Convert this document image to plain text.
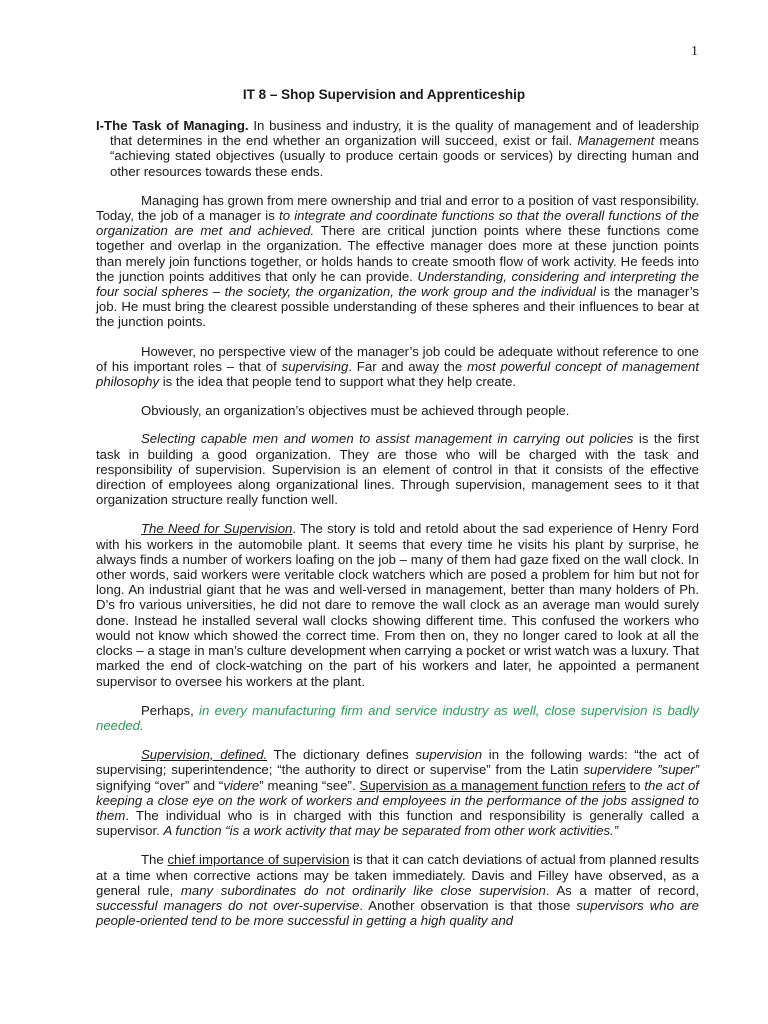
1
IT 8 – Shop Supervision and Apprenticeship

I-The Task of Managing. In business and industry, it is the quality of management and of leadership that determines in the end whether an organization will succeed, exist or fail. Management means “achieving stated objectives (usually to produce certain goods or services) by directing human and other resources towards these ends.

Managing has grown from mere ownership and trial and error to a position of vast responsibility. Today, the job of a manager is to integrate and coordinate functions so that the overall functions of the organization are met and achieved. There are critical junction points where these functions come together and overlap in the organization. The effective manager does more at these junction points than merely join functions together, or holds hands to create smooth flow of work activity. He feeds into the junction points additives that only he can provide. Understanding, considering and interpreting the four social spheres – the society, the organization, the work group and the individual is the manager’s job. He must bring the clearest possible understanding of these spheres and their influences to bear at the junction points.

However, no perspective view of the manager’s job could be adequate without reference to one of his important roles – that of supervising. Far and away the most powerful concept of management philosophy is the idea that people tend to support what they help create.

Obviously, an organization’s objectives must be achieved through people.

Selecting capable men and women to assist management in carrying out policies is the first task in building a good organization. They are those who will be charged with the task and responsibility of supervision. Supervision is an element of control in that it consists of the effective direction of employees along organizational lines. Through supervision, management sees to it that organization structure really function well.

The Need for Supervision. The story is told and retold about the sad experience of Henry Ford with his workers in the automobile plant. It seems that every time he visits his plant by surprise, he always finds a number of workers loafing on the job – many of them had gaze fixed on the wall clock. In other words, said workers were veritable clock watchers which are posed a problem for him but not for long. An industrial giant that he was and well-versed in management, better than many holders of Ph. D’s fro various universities, he did not dare to remove the wall clock as an average man would surely done. Instead he installed several wall clocks showing different time. This confused the workers who would not know which showed the correct time. From then on, they no longer cared to look at all the clocks – a stage in man’s culture development when carrying a pocket or wrist watch was a luxury. That marked the end of clock-watching on the part of his workers and later, he appointed a permanent supervisor to oversee his workers at the plant.

Perhaps, in every manufacturing firm and service industry as well, close supervision is badly needed.

Supervision, defined. The dictionary defines supervision in the following wards: “the act of supervising; superintendence; “the authority to direct or supervise” from the Latin supervidere ”super” signifying “over” and “videre” meaning “see”. Supervision as a management function refers to the act of keeping a close eye on the work of workers and employees in the performance of the jobs assigned to them. The individual who is in charged with this function and responsibility is generally called a supervisor. A function “is a work activity that may be separated from other work activities.”

The chief importance of supervision is that it can catch deviations of actual from planned results at a time when corrective actions may be taken immediately. Davis and Filley have observed, as a general rule, many subordinates do not ordinarily like close supervision. As a matter of record, successful managers do not over-supervise. Another observation is that those supervisors who are people-oriented tend to be more successful in getting a high quality and
